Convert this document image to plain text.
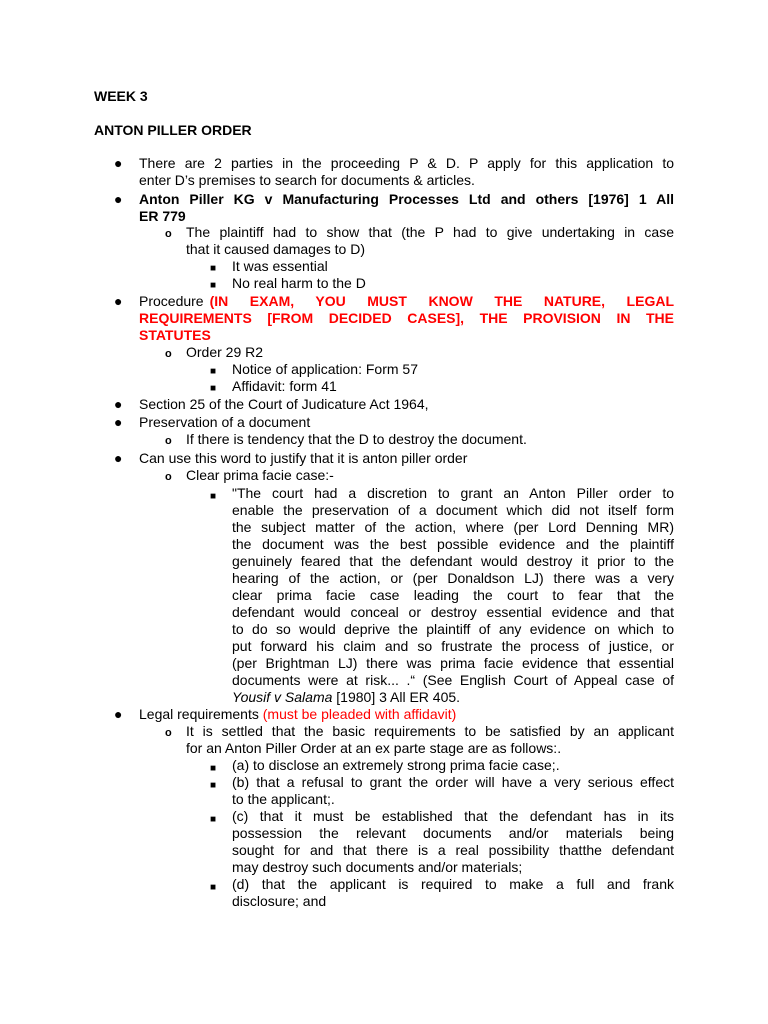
WEEK 3
ANTON PILLER ORDER
● There are 2 parties in the proceeding P & D. P apply for this application to
enter D’s premises to search for documents & articles.
● Anton Piller KG v Manufacturing Processes Ltd and others [1976] 1 All
ER 779
o The plaintiff had to show that (the P had to give undertaking in case
that it caused damages to D)
■ It was essential
■ No real harm to the D
● Procedure (IN EXAM, YOU MUST KNOW THE NATURE, LEGAL
REQUIREMENTS [FROM DECIDED CASES], THE PROVISION IN THE
STATUTES
o Order 29 R2
■ Notice of application: Form 57
■ Affidavit: form 41
● Section 25 of the Court of Judicature Act 1964,
● Preservation of a document
o If there is tendency that the D to destroy the document.
● Can use this word to justify that it is anton piller order
o Clear prima facie case:-
■ "The court had a discretion to grant an Anton Piller order to
enable the preservation of a document which did not itself form
the subject matter of the action, where (per Lord Denning MR)
the document was the best possible evidence and the plaintiff
genuinely feared that the defendant would destroy it prior to the
hearing of the action, or (per Donaldson LJ) there was a very
clear prima facie case leading the court to fear that the
defendant would conceal or destroy essential evidence and that
to do so would deprive the plaintiff of any evidence on which to
put forward his claim and so frustrate the process of justice, or
(per Brightman LJ) there was prima facie evidence that essential
documents were at risk... .“ (See English Court of Appeal case of
Yousif v Salama [1980] 3 All ER 405.
● Legal requirements (must be pleaded with affidavit)
o It is settled that the basic requirements to be satisfied by an applicant
for an Anton Piller Order at an ex parte stage are as follows:.
■ (a) to disclose an extremely strong prima facie case;.
■ (b) that a refusal to grant the order will have a very serious effect
to the applicant;.
■ (c) that it must be established that the defendant has in its
possession the relevant documents and/or materials being
sought for and that there is a real possibility thatthe defendant
may destroy such documents and/or materials;
■ (d) that the applicant is required to make a full and frank
disclosure; and
